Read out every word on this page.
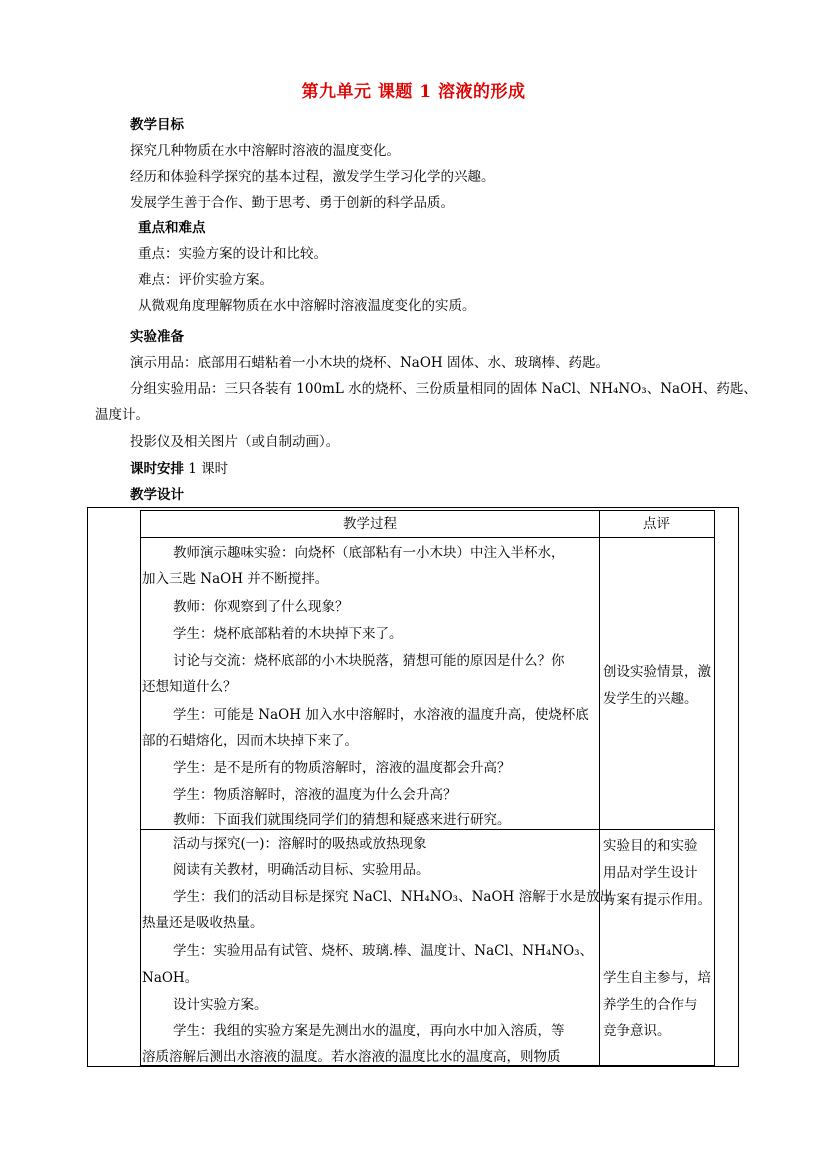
第九单元 课题 1 溶液的形成
教学目标
探究几种物质在水中溶解时溶液的温度变化。
经历和体验科学探究的基本过程，激发学生学习化学的兴趣。
发展学生善于合作、勤于思考、勇于创新的科学品质。
重点和难点
重点：实验方案的设计和比较。
难点：评价实验方案。
从微观角度理解物质在水中溶解时溶液温度变化的实质。
实验准备
演示用品：底部用石蜡粘着一小木块的烧杯、NaOH 固体、水、玻璃棒、药匙。
分组实验用品：三只各装有 100mL 水的烧杯、三份质量相同的固体 NaCl、NH₄NO₃、NaOH、药匙、
温度计。
投影仪及相关图片（或自制动画）。
课时安排 1 课时
教学设计
教学过程	点评
教师演示趣味实验：向烧杯（底部粘有一小木块）中注入半杯水，
加入三匙 NaOH 并不断搅拌。
教师：你观察到了什么现象？
学生：烧杯底部粘着的木块掉下来了。
讨论与交流：烧杯底部的小木块脱落，猜想可能的原因是什么？你
还想知道什么？
学生：可能是 NaOH 加入水中溶解时，水溶液的温度升高，使烧杯底
部的石蜡熔化，因而木块掉下来了。
学生：是不是所有的物质溶解时，溶液的温度都会升高？
学生：物质溶解时，溶液的温度为什么会升高？
教师：下面我们就围绕同学们的猜想和疑惑来进行研究。
创设实验情景，激
发学生的兴趣。
活动与探究(一)：溶解时的吸热或放热现象
阅读有关教材，明确活动目标、实验用品。
学生：我们的活动目标是探究 NaCl、NH₄NO₃、NaOH 溶解于水是放出
热量还是吸收热量。
学生：实验用品有试管、烧杯、玻璃.棒、温度计、NaCl、NH₄NO₃、
NaOH。
设计实验方案。
学生：我组的实验方案是先测出水的温度，再向水中加入溶质，等
溶质溶解后测出水溶液的温度。若水溶液的温度比水的温度高，则物质
实验目的和实验
用品对学生设计
方案有提示作用。
学生自主参与，培
养学生的合作与
竞争意识。
